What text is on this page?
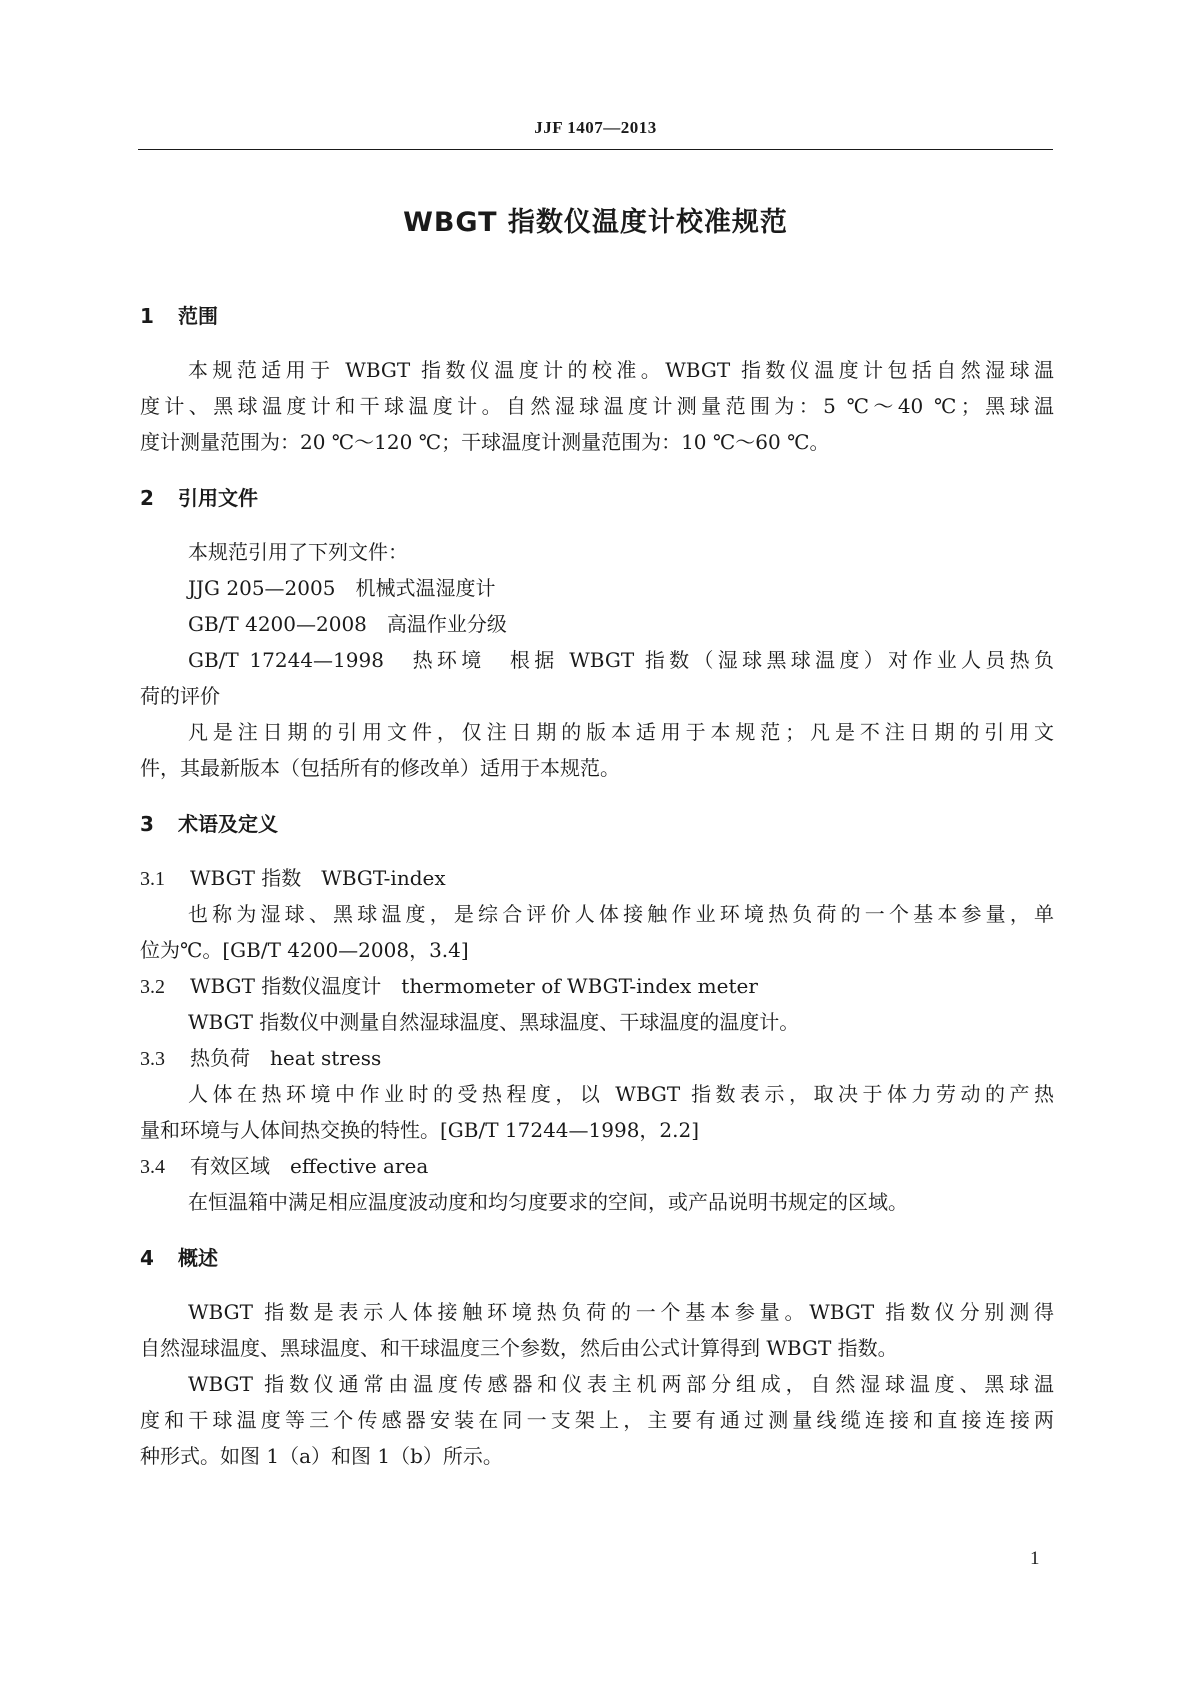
JJF 1407—2013
WBGT 指数仪温度计校准规范
1 范围
本规范适用于 WBGT 指数仪温度计的校准。WBGT 指数仪温度计包括自然湿球温
度计、黑球温度计和干球温度计。自然湿球温度计测量范围为：5 ℃～40 ℃；黑球温
度计测量范围为：20 ℃～120 ℃；干球温度计测量范围为：10 ℃～60 ℃。
2 引用文件
本规范引用了下列文件：
JJG 205—2005　机械式温湿度计
GB/T 4200—2008　高温作业分级
GB/T 17244—1998　热环境　根据 WBGT 指数（湿球黑球温度）对作业人员热负
荷的评价
凡是注日期的引用文件，仅注日期的版本适用于本规范；凡是不注日期的引用文
件，其最新版本（包括所有的修改单）适用于本规范。
3 术语及定义
3.1 WBGT 指数　WBGT-index
也称为湿球、黑球温度，是综合评价人体接触作业环境热负荷的一个基本参量，单
位为℃。[GB/T 4200—2008，3.4]
3.2 WBGT 指数仪温度计　thermometer of WBGT-index meter
WBGT 指数仪中测量自然湿球温度、黑球温度、干球温度的温度计。
3.3 热负荷　heat stress
人体在热环境中作业时的受热程度，以 WBGT 指数表示，取决于体力劳动的产热
量和环境与人体间热交换的特性。[GB/T 17244—1998，2.2]
3.4 有效区域　effective area
在恒温箱中满足相应温度波动度和均匀度要求的空间，或产品说明书规定的区域。
4 概述
WBGT 指数是表示人体接触环境热负荷的一个基本参量。WBGT 指数仪分别测得
自然湿球温度、黑球温度、和干球温度三个参数，然后由公式计算得到 WBGT 指数。
WBGT 指数仪通常由温度传感器和仪表主机两部分组成，自然湿球温度、黑球温
度和干球温度等三个传感器安装在同一支架上，主要有通过测量线缆连接和直接连接两
种形式。如图 1（a）和图 1（b）所示。
1
